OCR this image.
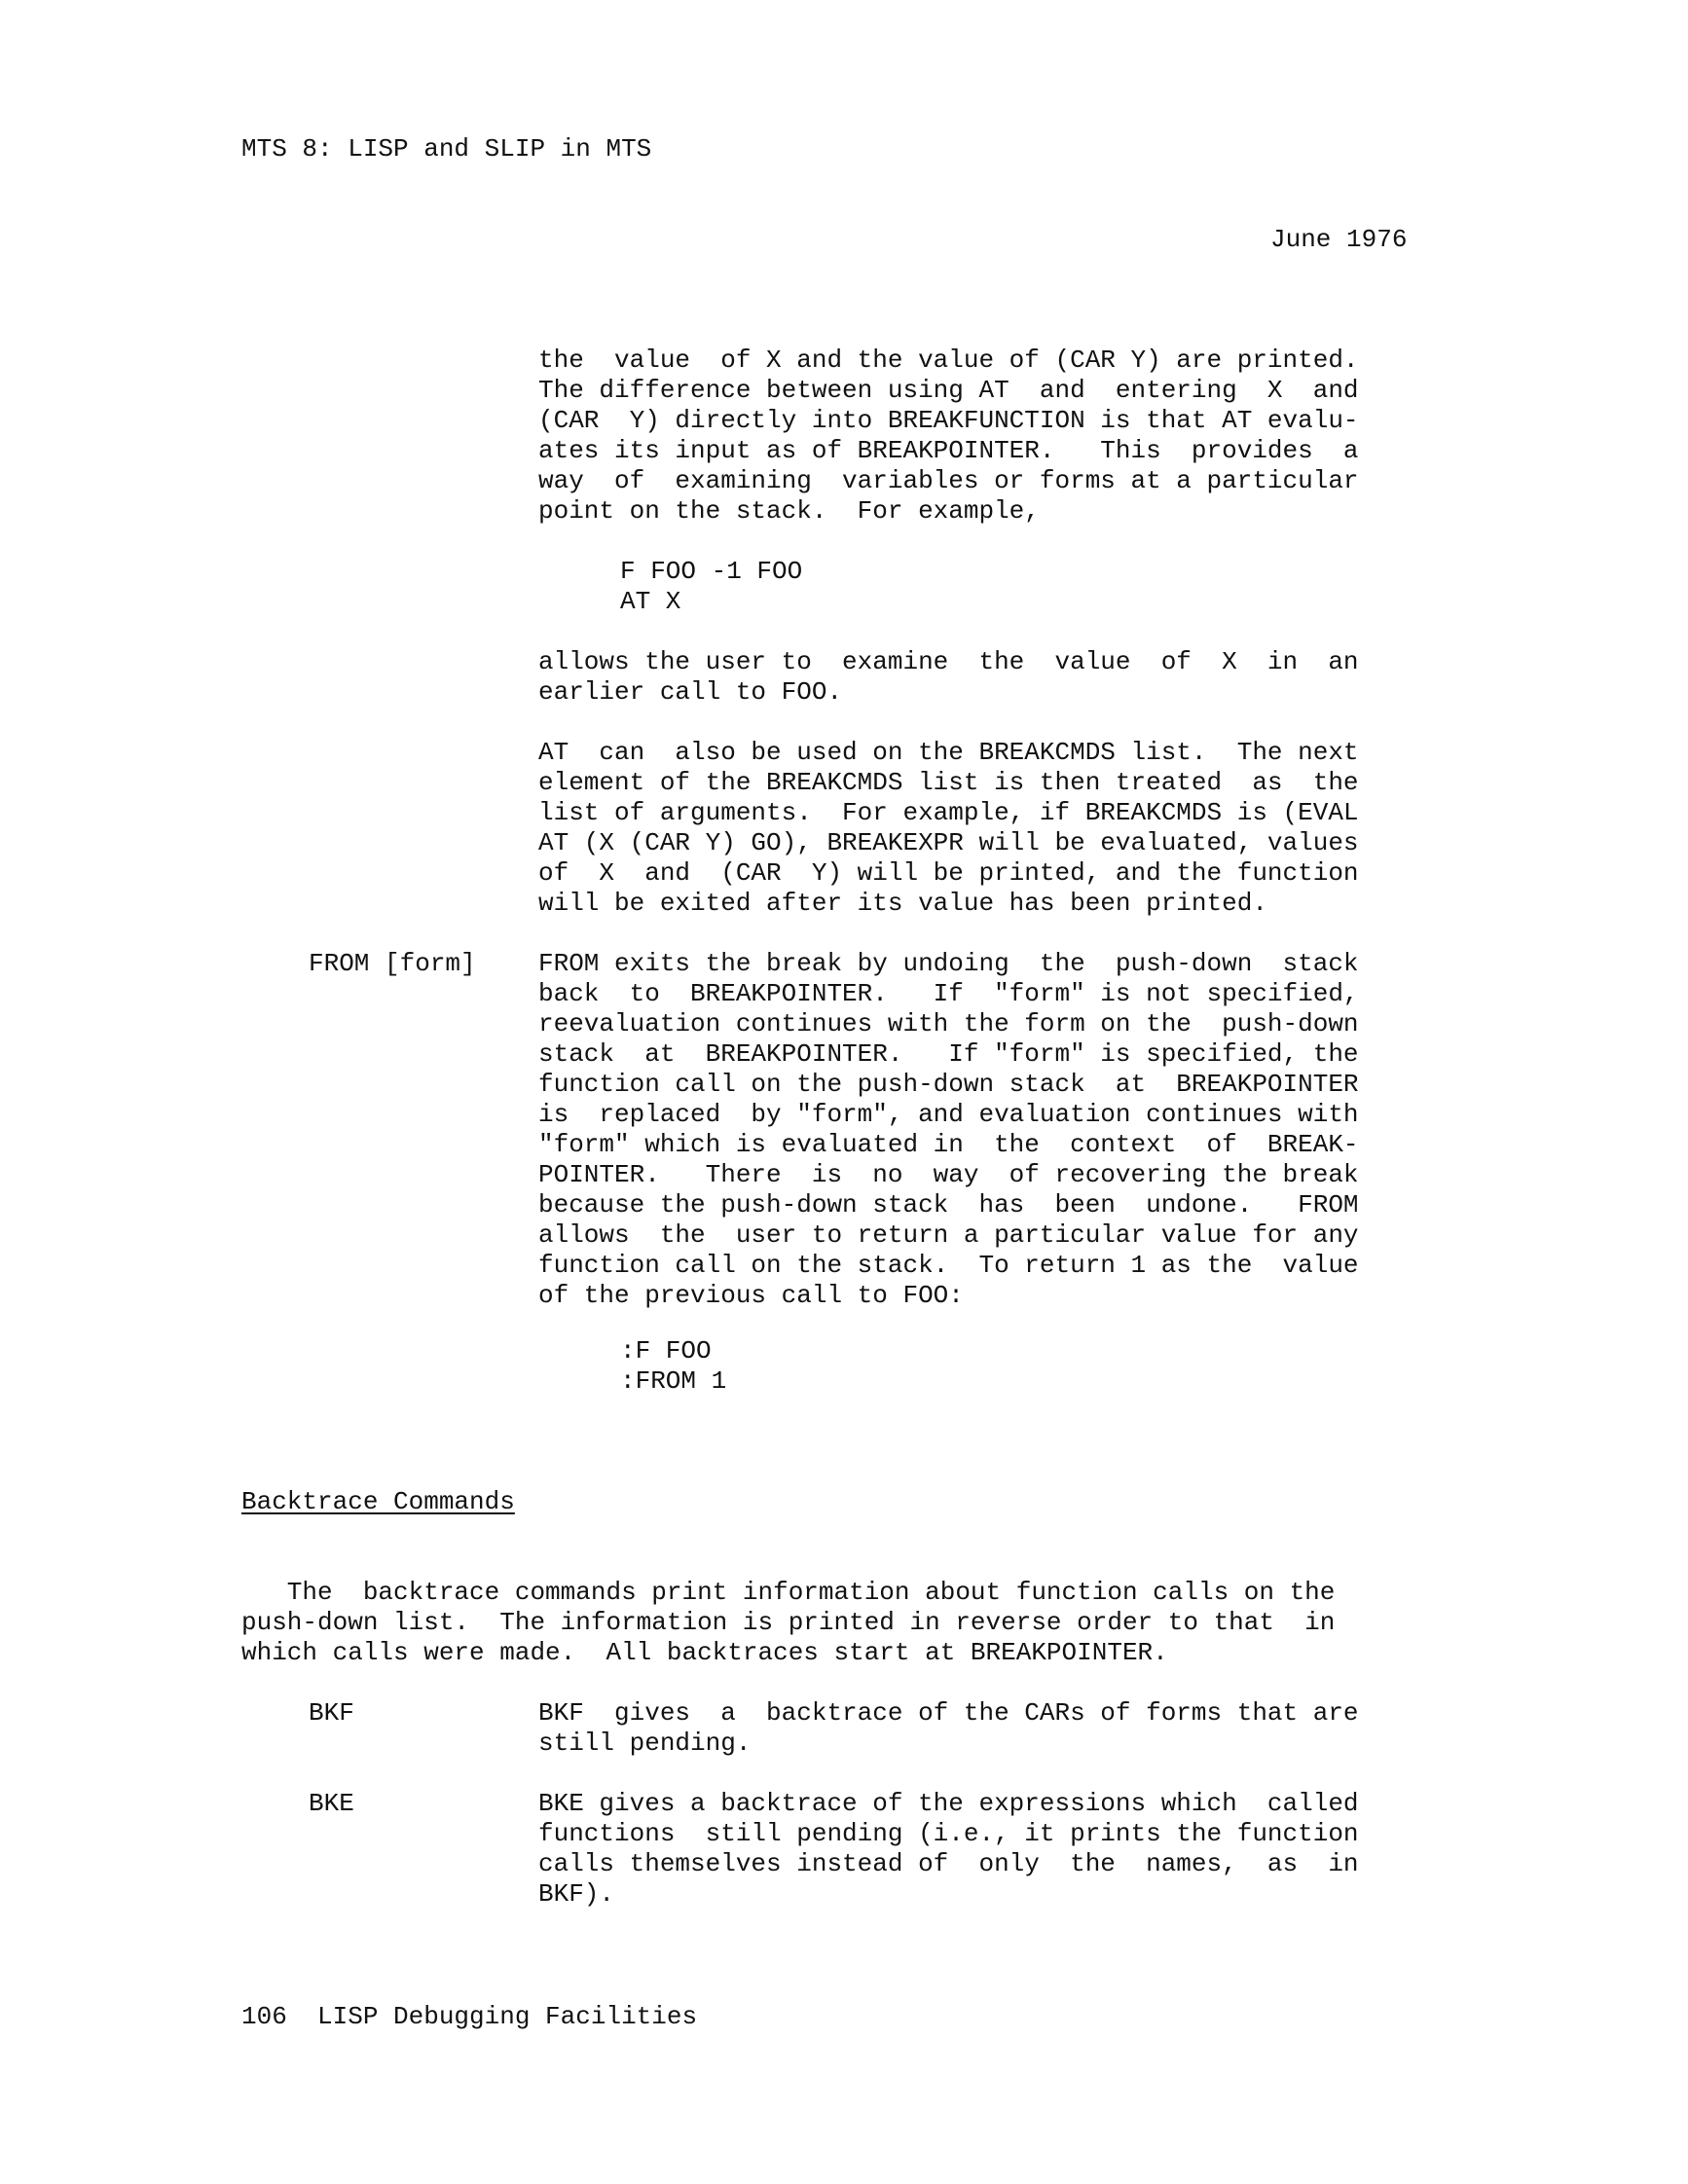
MTS 8: LISP and SLIP in MTS
June 1976
the  value  of X and the value of (CAR Y) are printed.
The difference between using AT  and  entering  X  and
(CAR  Y) directly into BREAKFUNCTION is that AT evalu-
ates its input as of BREAKPOINTER.   This  provides  a
way  of  examining  variables or forms at a particular
point on the stack.  For example,
F FOO -1 FOO
AT X
allows the user to  examine  the  value  of  X  in  an
earlier call to FOO.
AT  can  also be used on the BREAKCMDS list.  The next
element of the BREAKCMDS list is then treated  as  the
list of arguments.  For example, if BREAKCMDS is (EVAL
AT (X (CAR Y) GO), BREAKEXPR will be evaluated, values
of  X  and  (CAR  Y) will be printed, and the function
will be exited after its value has been printed.
FROM [form] FROM exits the break by undoing  the  push-down  stack
back  to  BREAKPOINTER.   If  "form" is not specified,
reevaluation continues with the form on the  push-down
stack  at  BREAKPOINTER.   If "form" is specified, the
function call on the push-down stack  at  BREAKPOINTER
is  replaced  by "form", and evaluation continues with
"form" which is evaluated in  the  context  of  BREAK-
POINTER.   There  is  no  way  of recovering the break
because the push-down stack  has  been  undone.   FROM
allows  the  user to return a particular value for any
function call on the stack.  To return 1 as the  value
of the previous call to FOO:
:F FOO
:FROM 1
Backtrace Commands
The  backtrace commands print information about function calls on the
push-down list.  The information is printed in reverse order to that  in
which calls were made.  All backtraces start at BREAKPOINTER.
BKF	BKF  gives  a  backtrace of the CARs of forms that are
still pending.
BKE	BKE gives a backtrace of the expressions which  called
functions  still pending (i.e., it prints the function
calls themselves instead of  only  the  names,  as  in
BKF).
106  LISP Debugging Facilities
